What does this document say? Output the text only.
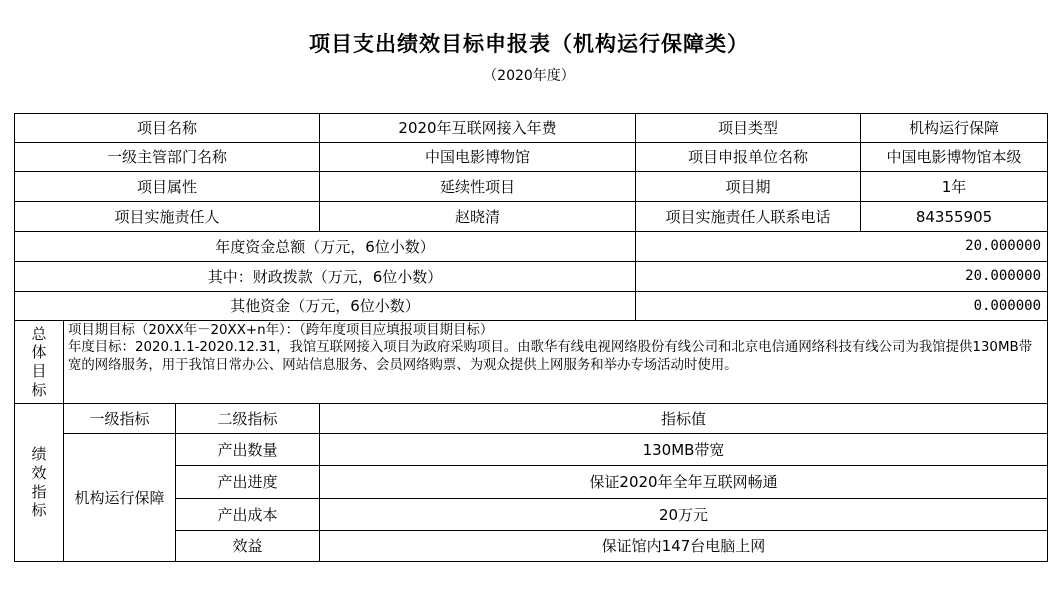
项目支出绩效目标申报表（机构运行保障类）
（2020年度）
项目名称	2020年互联网接入年费	项目类型	机构运行保障
一级主管部门名称	中国电影博物馆	项目申报单位名称	中国电影博物馆本级
项目属性	延续性项目	项目期	1年
项目实施责任人	赵晓清	项目实施责任人联系电话	84355905
年度资金总额（万元，6位小数）	20.000000
其中：财政拨款（万元，6位小数）	20.000000
其他资金（万元，6位小数）	0.000000
总
体
目
标
项目期目标（20XX年－20XX+n年）：（跨年度项目应填报项目期目标）
年度目标：2020.1.1-2020.12.31，我馆互联网接入项目为政府采购项目。由歌华有线电视网络股份有线公司和北京电信通网络科技有线公司为我馆提供130MB带宽的网络服务，用于我馆日常办公、网站信息服务、会员网络购票、为观众提供上网服务和举办专场活动时使用。
绩
效
指
标
一级指标	二级指标	指标值
机构运行保障
产出数量	130MB带宽
产出进度	保证2020年全年互联网畅通
产出成本	20万元
效益	保证馆内147台电脑上网
